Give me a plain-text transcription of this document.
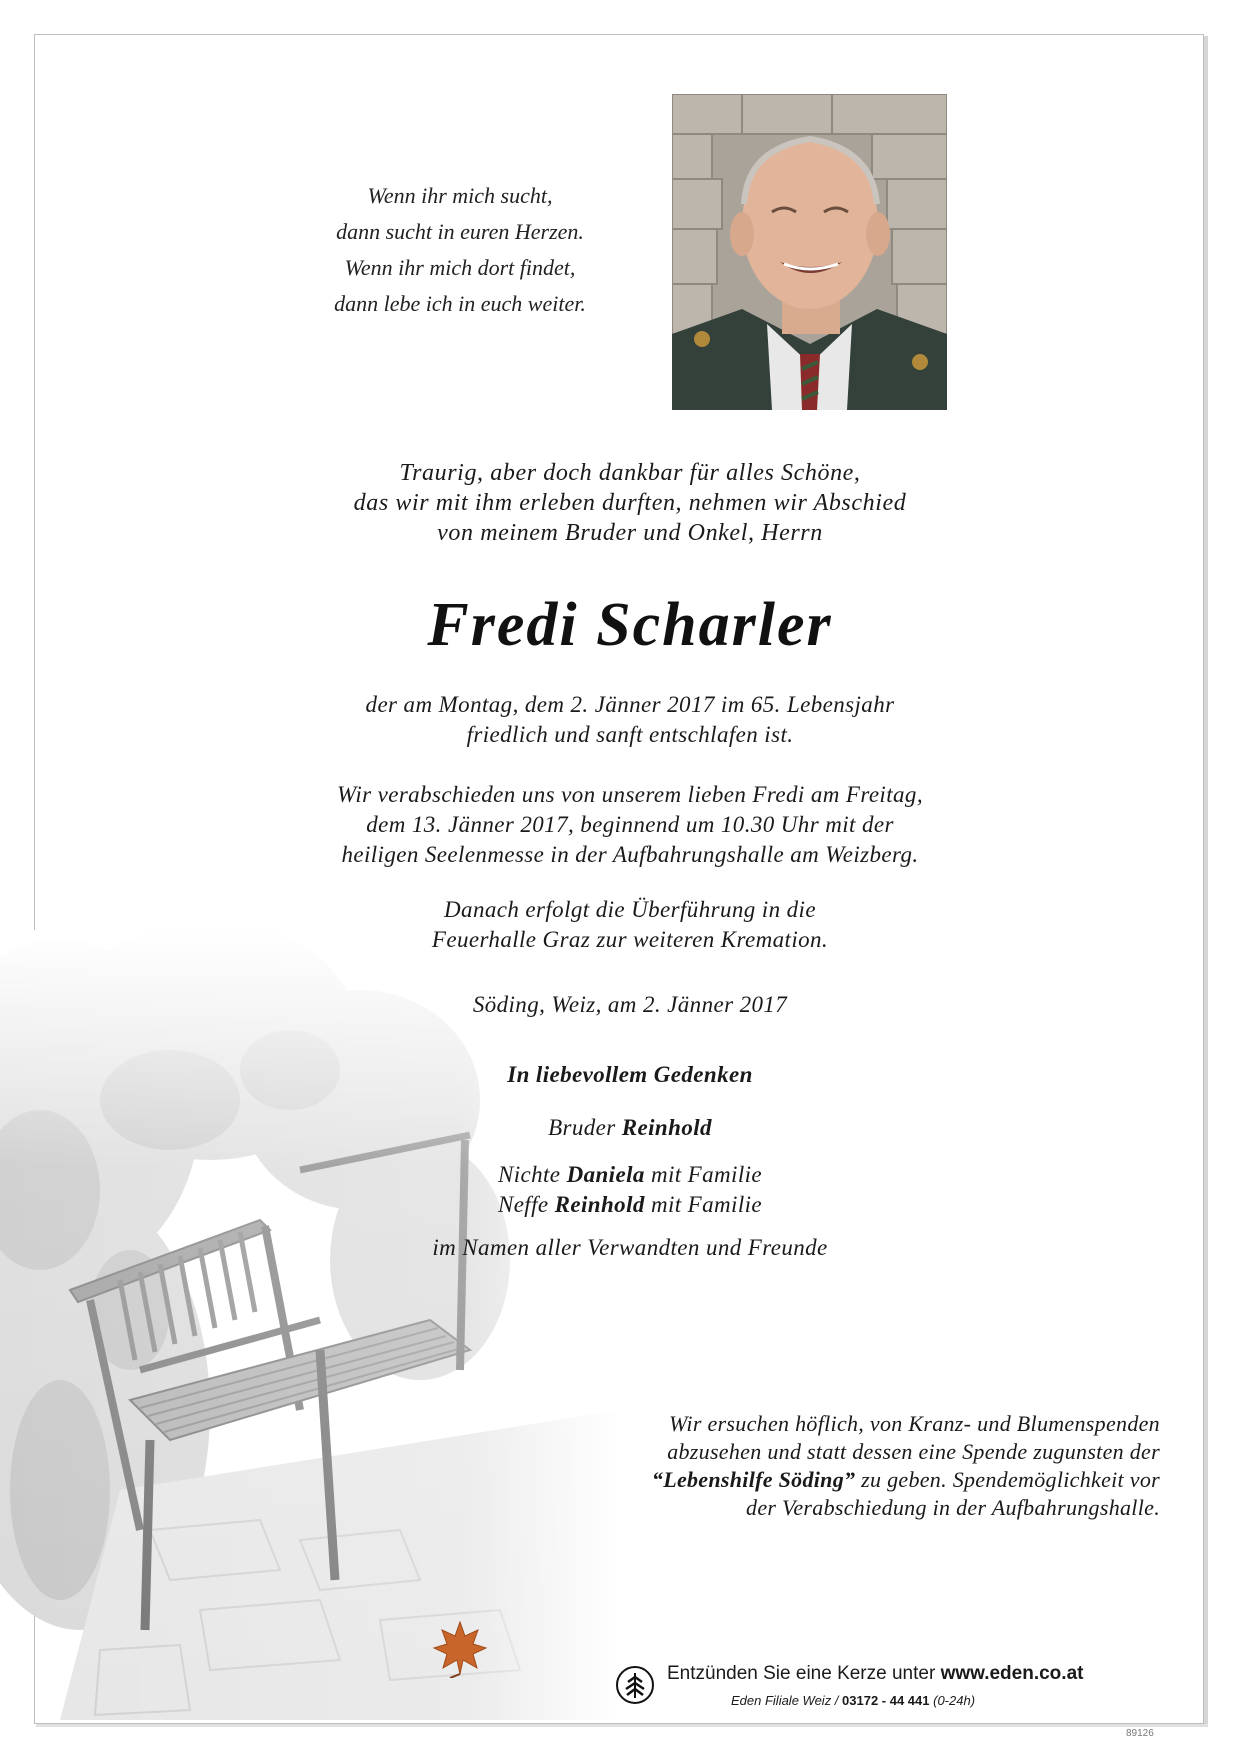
Wenn ihr mich sucht,
dann sucht in euren Herzen.
Wenn ihr mich dort findet,
dann lebe ich in euch weiter.
Traurig, aber doch dankbar für alles Schöne,
das wir mit ihm erleben durften, nehmen wir Abschied
von meinem Bruder und Onkel, Herrn
Fredi Scharler

der am Montag, dem 2. Jänner 2017 im 65. Lebensjahr

friedlich und sanft entschlafen ist.

Wir verabschieden uns von unserem lieben Fredi am Freitag,

dem 13. Jänner 2017, beginnend um 10.30 Uhr mit der

heiligen Seelenmesse in der Aufbahrungshalle am Weizberg.

Danach erfolgt die Überführung in die

Feuerhalle Graz zur weiteren Kremation.

Söding, Weiz, am 2. Jänner 2017

In liebevollem Gedenken

Bruder Reinhold

Nichte Daniela mit Familie

Neffe Reinhold mit Familie

im Namen aller Verwandten und Freunde

Wir ersuchen höflich, von Kranz- und Blumenspenden
abzusehen und statt dessen eine Spende zugunsten der
“Lebenshilfe Söding” zu geben. Spendemöglichkeit vor
der Verabschiedung in der Aufbahrungshalle.
Entzünden Sie eine Kerze unter www.eden.co.at
Eden Filiale Weiz / 03172 - 44 441 (0-24h)
89126
